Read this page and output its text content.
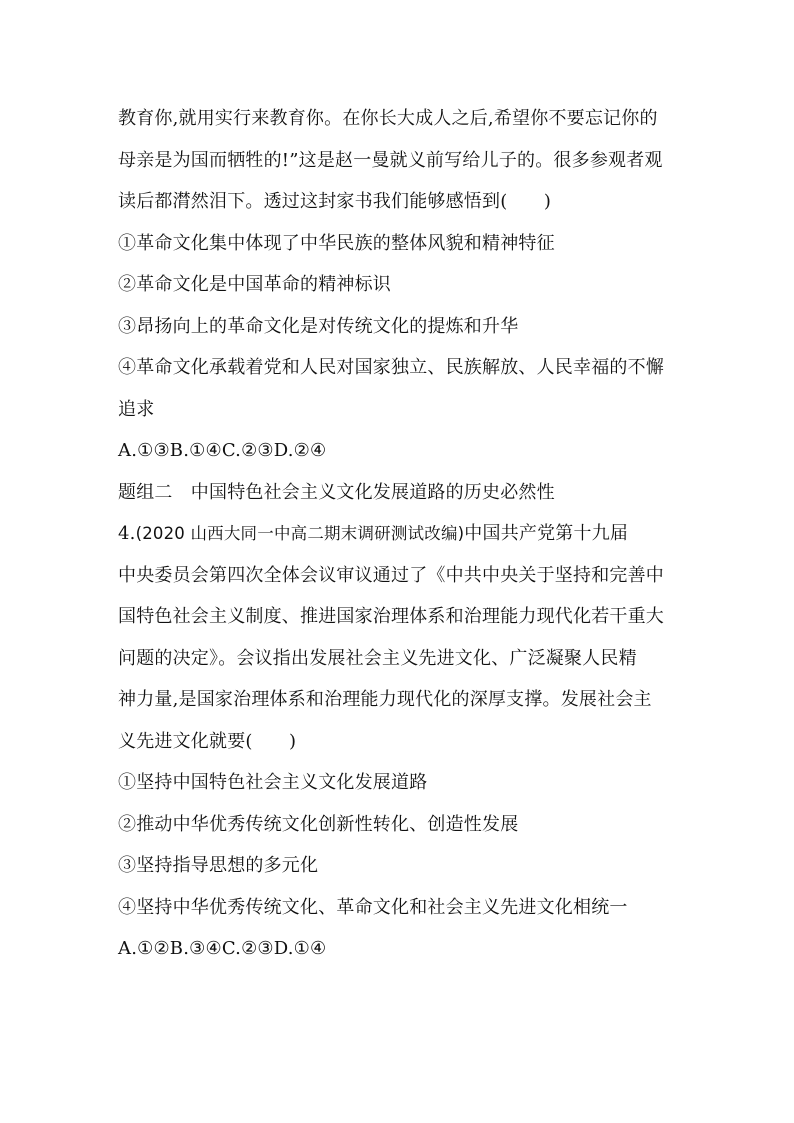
教育你,就用实行来教育你。在你长大成人之后,希望你不要忘记你的
母亲是为国而牺牲的!”这是赵一曼就义前写给儿子的。很多参观者观
读后都潸然泪下。透过这封家书我们能够感悟到(　　)
①革命文化集中体现了中华民族的整体风貌和精神特征
②革命文化是中国革命的精神标识
③昂扬向上的革命文化是对传统文化的提炼和升华
④革命文化承载着党和人民对国家独立、民族解放、人民幸福的不懈
追求
A.①③B.①④C.②③D.②④
题组二　中国特色社会主义文化发展道路的历史必然性
4.(2020 山西大同一中高二期末调研测试改编)中国共产党第十九届
中央委员会第四次全体会议审议通过了《中共中央关于坚持和完善中
国特色社会主义制度、推进国家治理体系和治理能力现代化若干重大
问题的决定》。会议指出发展社会主义先进文化、广泛凝聚人民精
神力量,是国家治理体系和治理能力现代化的深厚支撑。发展社会主
义先进文化就要(　　)
①坚持中国特色社会主义文化发展道路
②推动中华优秀传统文化创新性转化、创造性发展
③坚持指导思想的多元化
④坚持中华优秀传统文化、革命文化和社会主义先进文化相统一
A.①②B.③④C.②③D.①④
